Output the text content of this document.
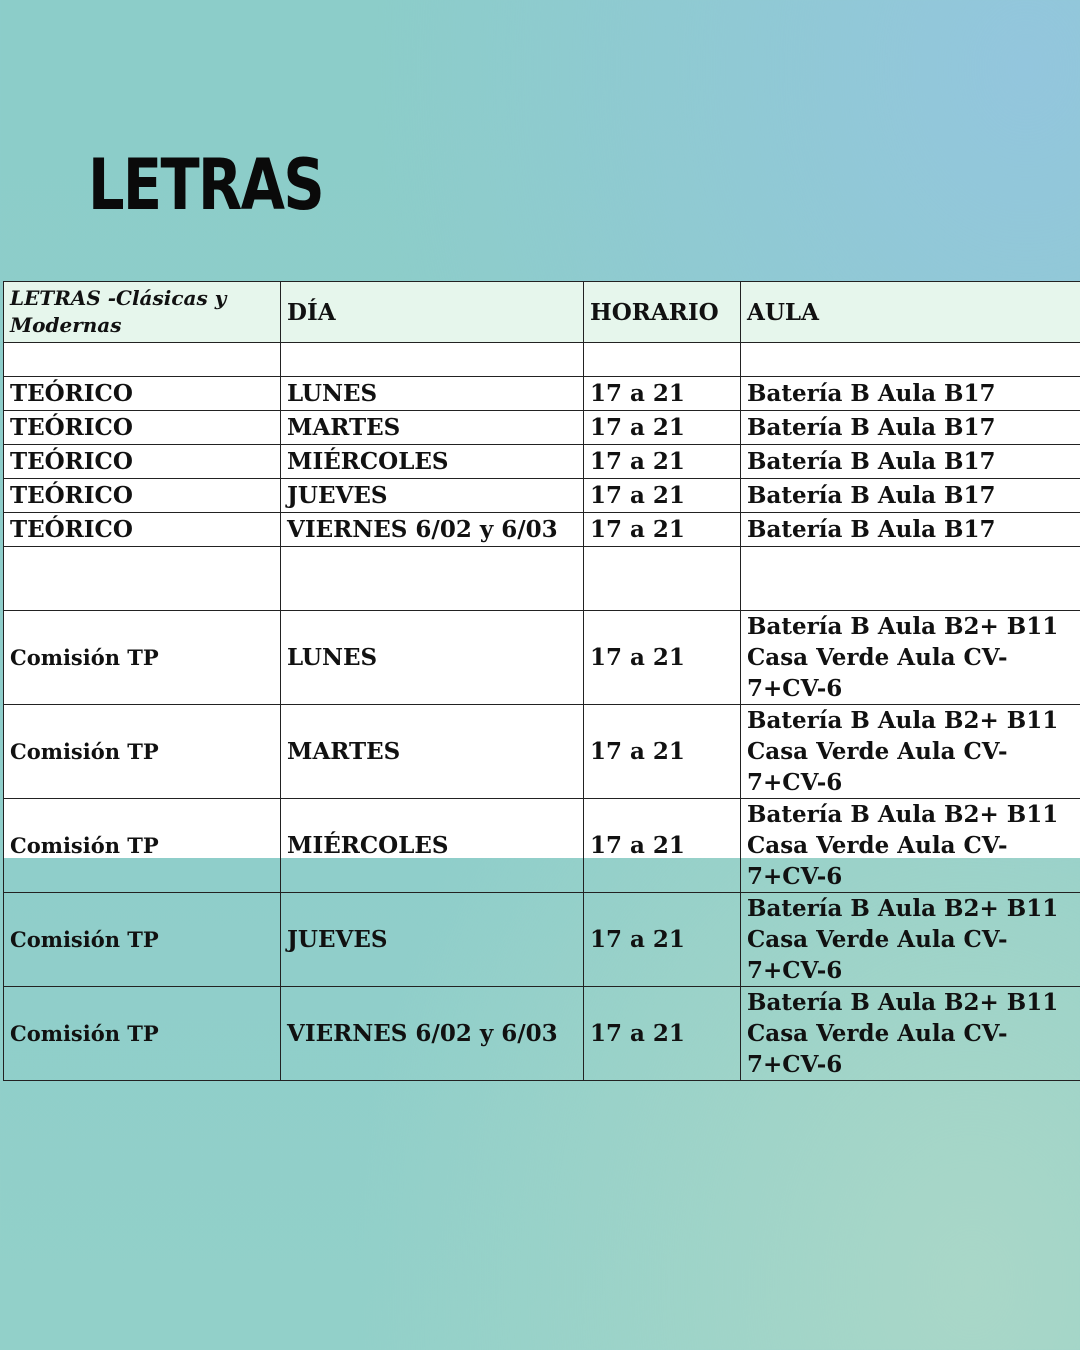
LETRAS
LETRAS -Clásicas y Modernas	DÍA	HORARIO	AULA

TEÓRICO	LUNES	17 a 21	Batería B Aula B17
TEÓRICO	MARTES	17 a 21	Batería B Aula B17
TEÓRICO	MIÉRCOLES	17 a 21	Batería B Aula B17
TEÓRICO	JUEVES	17 a 21	Batería B Aula B17
TEÓRICO	VIERNES 6/02 y 6/03	17 a 21	Batería B Aula B17

Comisión TP	LUNES	17 a 21	Batería B Aula B2+ B11
Casa Verde Aula CV-7+CV-6

Comisión TP	MARTES	17 a 21	Batería B Aula B2+ B11
Casa Verde Aula CV-7+CV-6

Comisión TP	MIÉRCOLES	17 a 21	Batería B Aula B2+ B11
Casa Verde Aula CV-7+CV-6

Comisión TP	JUEVES	17 a 21	Batería B Aula B2+ B11
Casa Verde Aula CV-7+CV-6

Comisión TP	VIERNES 6/02 y 6/03	17 a 21	Batería B Aula B2+ B11
Casa Verde Aula CV-7+CV-6
